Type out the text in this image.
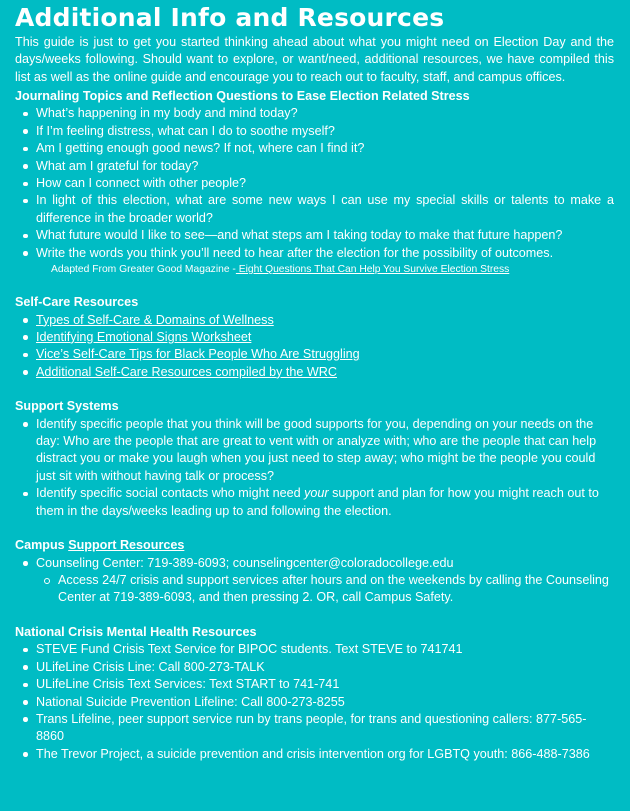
Additional Info and Resources

This guide is just to get you started thinking ahead about what you might need on Election Day and the days/weeks following. Should want to explore, or want/need, additional resources, we have compiled this list as well as the online guide and encourage you to reach out to faculty, staff, and campus offices.

Journaling Topics and Reflection Questions to Ease Election Related Stress
What’s happening in my body and mind today?
If I’m feeling distress, what can I do to soothe myself?
Am I getting enough good news? If not, where can I find it?
What am I grateful for today?
How can I connect with other people?
In light of this election, what are some new ways I can use my special skills or talents to make a difference in the broader world?
What future would I like to see—and what steps am I taking today to make that future happen?
Write the words you think you’ll need to hear after the election for the possibility of outcomes.
Adapted From Greater Good Magazine - Eight Questions That Can Help You Survive Election Stress
Self-Care Resources
Types of Self-Care & Domains of Wellness
Identifying Emotional Signs Worksheet
Vice’s Self-Care Tips for Black People Who Are Struggling
Additional Self-Care Resources compiled by the WRC
Support Systems
Identify specific people that you think will be good supports for you, depending on your needs on the day: Who are the people that are great to vent with or analyze with; who are the people that can help distract you or make you laugh when you just need to step away; who might be the people you could just sit with without having talk or process?
Identify specific social contacts who might need your support and plan for how you might reach out to them in the days/weeks leading up to and following the election.
Campus Support Resources
Counseling Center: 719-389-6093; counselingcenter@coloradocollege.edu
Access 24/7 crisis and support services after hours and on the weekends by calling the Counseling Center at 719-389-6093, and then pressing 2. OR, call Campus Safety.
National Crisis Mental Health Resources
STEVE Fund Crisis Text Service for BIPOC students. Text STEVE to 741741
ULifeLine Crisis Line: Call 800-273-TALK
ULifeLine Crisis Text Services: Text START to 741-741
National Suicide Prevention Lifeline: Call 800-273-8255
Trans Lifeline, peer support service run by trans people, for trans and questioning callers: 877-565-8860
The Trevor Project, a suicide prevention and crisis intervention org for LGBTQ youth: 866-488-7386
